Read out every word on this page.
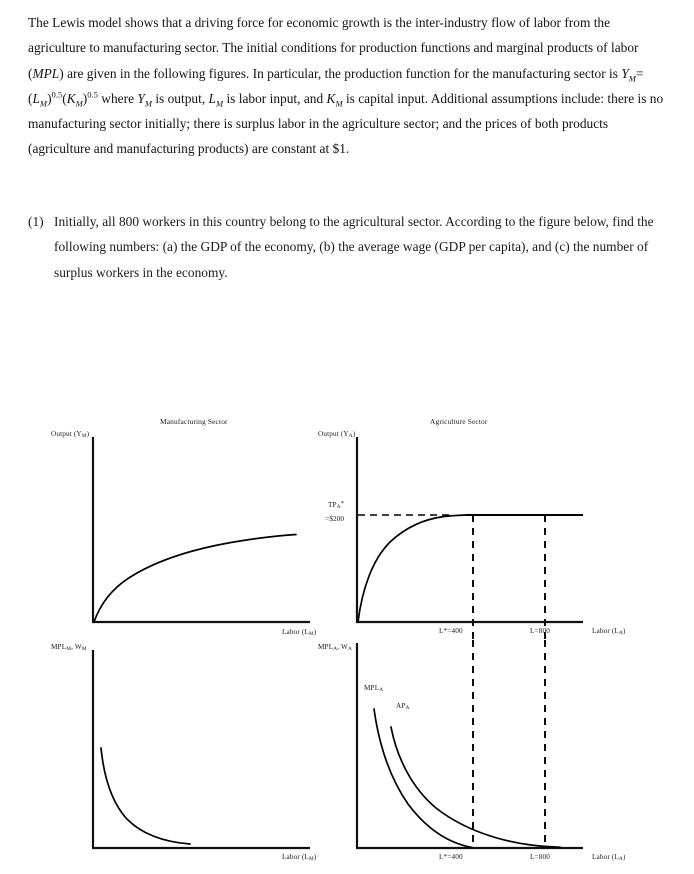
The Lewis model shows that a driving force for economic growth is the inter-industry flow of labor from the agriculture to manufacturing sector. The initial conditions for production functions and marginal products of labor (MPL) are given in the following figures. In particular, the production function for the manufacturing sector is $Y_M= (L_M)^{0.5}(K_M)^{0.5}$ where $Y_M$ is output, $L_M$ is labor input, and $K_M$ is capital input. Additional assumptions include: there is no manufacturing sector initially; there is surplus labor in the agriculture sector; and the prices of both products (agriculture and manufacturing products) are constant at $1.

(1) Initially, all 800 workers in this country belong to the agricultural sector. According to the figure below, find the following numbers: (a) the GDP of the economy, (b) the average wage (GDP per capita), and (c) the number of surplus workers in the economy.
Manufacturing Sector
Output $(Y_M)$
Labor $(L_M)$
Agriculture Sector
Output $(Y_A)$
$TP_A^*$
=$200
L*=400	L=800	Labor $(L_A)$
$MPL_M$, $W_M$
Labor $(L_M)$
$MPL_A$, $W_A$
$MPL_A$
$AP_A$
L*=400	L=800	Labor $(L_A)$
